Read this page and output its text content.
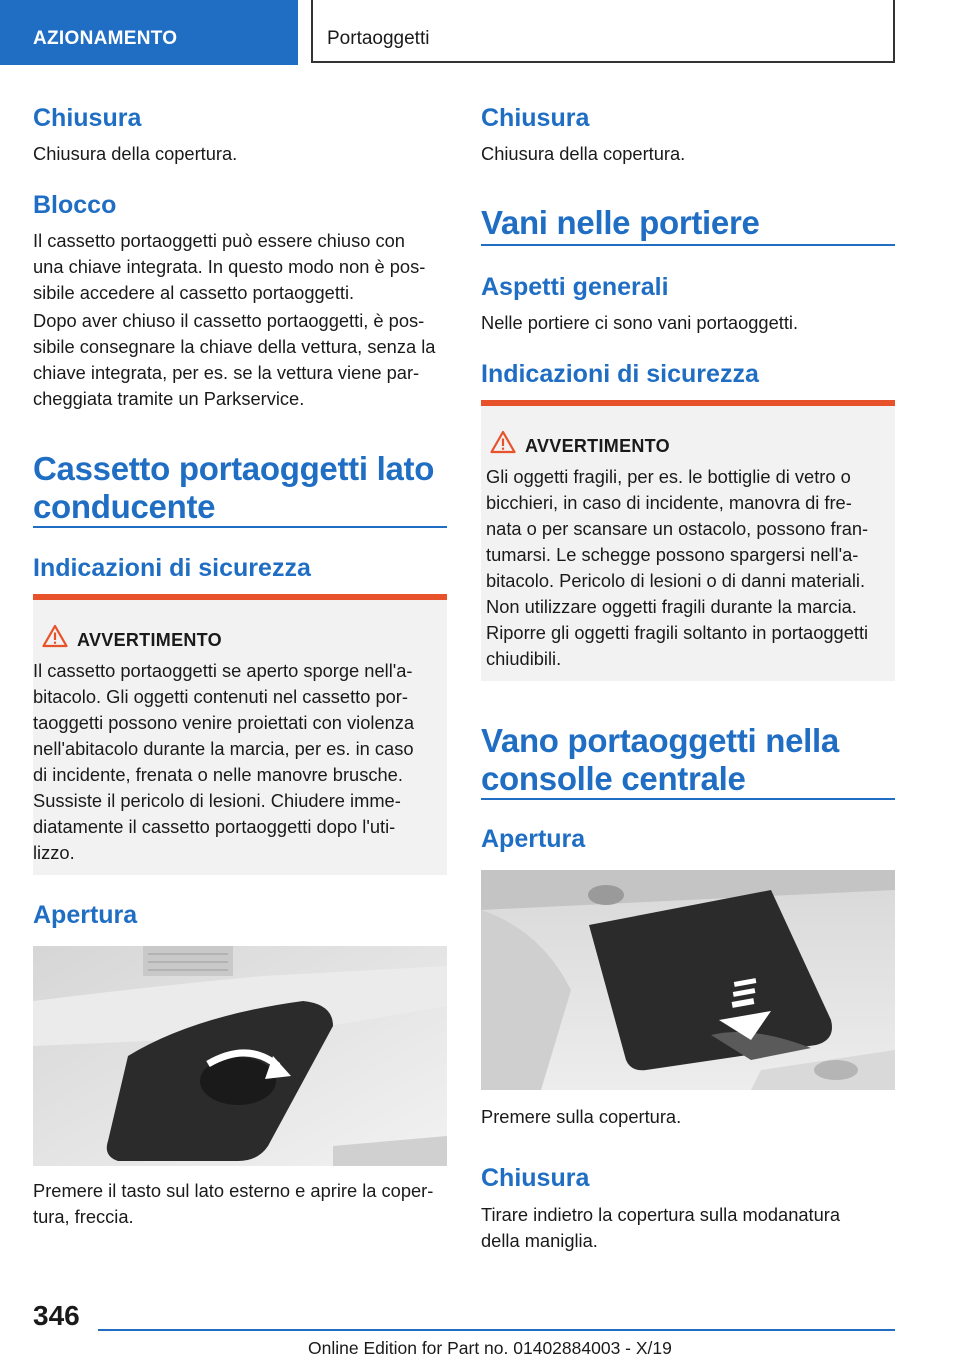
AZIONAMENTO	Portaoggetti
Chiusura
Chiusura della copertura.
Blocco
Il cassetto portaoggetti può essere chiuso con
una chiave integrata. In questo modo non è pos-
sibile accedere al cassetto portaoggetti.
Dopo aver chiuso il cassetto portaoggetti, è pos-
sibile consegnare la chiave della vettura, senza la
chiave integrata, per es. se la vettura viene par-
cheggiata tramite un Parkservice.
Cassetto portaoggetti lato
conducente
Indicazioni di sicurezza
AVVERTIMENTO
Il cassetto portaoggetti se aperto sporge nell'a-
bitacolo. Gli oggetti contenuti nel cassetto por-
taoggetti possono venire proiettati con violenza
nell'abitacolo durante la marcia, per es. in caso
di incidente, frenata o nelle manovre brusche.
Sussiste il pericolo di lesioni. Chiudere imme-
diatamente il cassetto portaoggetti dopo l'uti-
lizzo.
Apertura
Premere il tasto sul lato esterno e aprire la coper-
tura, freccia.
Chiusura
Chiusura della copertura.
Vani nelle portiere
Aspetti generali
Nelle portiere ci sono vani portaoggetti.
Indicazioni di sicurezza
AVVERTIMENTO
Gli oggetti fragili, per es. le bottiglie di vetro o
bicchieri, in caso di incidente, manovra di fre-
nata o per scansare un ostacolo, possono fran-
tumarsi. Le schegge possono spargersi nell'a-
bitacolo. Pericolo di lesioni o di danni materiali.
Non utilizzare oggetti fragili durante la marcia.
Riporre gli oggetti fragili soltanto in portaoggetti
chiudibili.
Vano portaoggetti nella
consolle centrale
Apertura
Premere sulla copertura.
Chiusura
Tirare indietro la copertura sulla modanatura
della maniglia.
346
Online Edition for Part no. 01402884003 - X/19
